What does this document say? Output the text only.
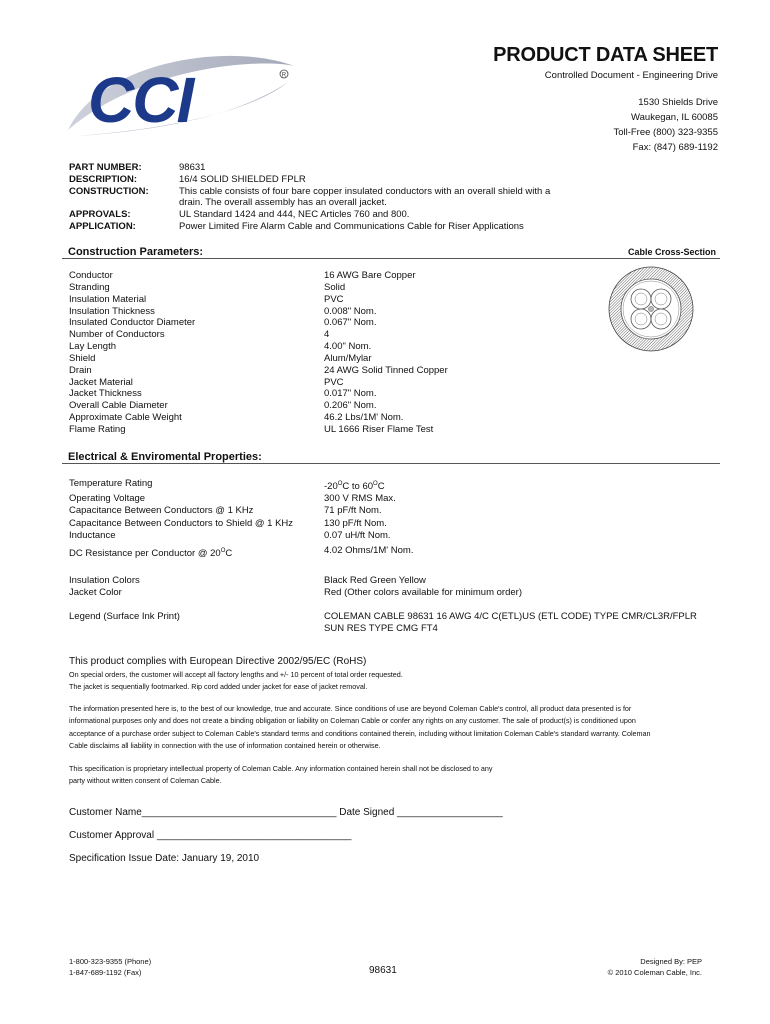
CCI	R
PRODUCT DATA SHEET
Controlled Document - Engineering Drive
1530 Shields Drive
Waukegan, IL 60085
Toll-Free (800) 323-9355
Fax: (847) 689-1192
PART NUMBER:	98631
DESCRIPTION:	16/4 SOLID SHIELDED FPLR
CONSTRUCTION:	This cable consists of four bare copper insulated conductors with an overall shield with a
drain. The overall assembly has an overall jacket.
APPROVALS:	UL Standard 1424 and 444, NEC Articles 760 and 800.
APPLICATION:	Power Limited Fire Alarm Cable and Communications Cable for Riser Applications
Construction Parameters:	Cable Cross-Section
Conductor	16 AWG Bare Copper
Stranding	Solid
Insulation Material	PVC
Insulation Thickness	0.008" Nom.
Insulated Conductor Diameter	0.067" Nom.
Number of Conductors	4
Lay Length	4.00" Nom.
Shield	Alum/Mylar
Drain	24 AWG Solid Tinned Copper
Jacket Material	PVC
Jacket Thickness	0.017" Nom.
Overall Cable Diameter	0.206" Nom.
Approximate Cable Weight	46.2 Lbs/1M' Nom.
Flame Rating	UL 1666 Riser Flame Test
Electrical & Enviromental Properties:
Temperature Rating	$-20^OC$ to $60^OC$
Operating Voltage	300 V RMS Max.
Capacitance Between Conductors @ 1 KHz	71 pF/ft Nom.
Capacitance Between Conductors to Shield @ 1 KHz	130 pF/ft Nom.
Inductance	0.07 uH/ft Nom.
DC Resistance per Conductor @ $20^OC$	4.02 Ohms/1M' Nom.
Insulation Colors	Black Red Green Yellow
Jacket Color	Red (Other colors available for minimum order)
Legend (Surface Ink Print)	COLEMAN CABLE 98631 16 AWG 4/C C(ETL)US (ETL CODE) TYPE CMR/CL3R/FPLR
SUN RES TYPE CMG FT4
This product complies with European Directive 2002/95/EC (RoHS)
On special orders, the customer will accept all factory lengths and +/- 10 percent of total order requested.
The jacket is sequentially footmarked. Rip cord added under jacket for ease of jacket removal.
The information presented here is, to the best of our knowledge, true and accurate. Since conditions of use are beyond Coleman Cable's control, all product data presented is for
informational purposes only and does not create a binding obligation or liability on Coleman Cable or confer any rights on any customer. The sale of product(s) is conditioned upon
acceptance of a purchase order subject to Coleman Cable's standard terms and conditions contained therein, including without limitation Coleman Cable's standard warranty. Coleman
Cable disclaims all liability in connection with the use of information contained herein or otherwise.
This specification is proprietary intellectual property of Coleman Cable. Any information contained herein shall not be disclosed to any
party without written consent of Coleman Cable.
Customer Name___________________________________ Date Signed ___________________
Customer Approval ___________________________________
Specification Issue Date: January 19, 2010
1-800-323-9355 (Phone)
1-847-689-1192 (Fax)	98631
Designed By: PEP
© 2010 Coleman Cable, Inc.
